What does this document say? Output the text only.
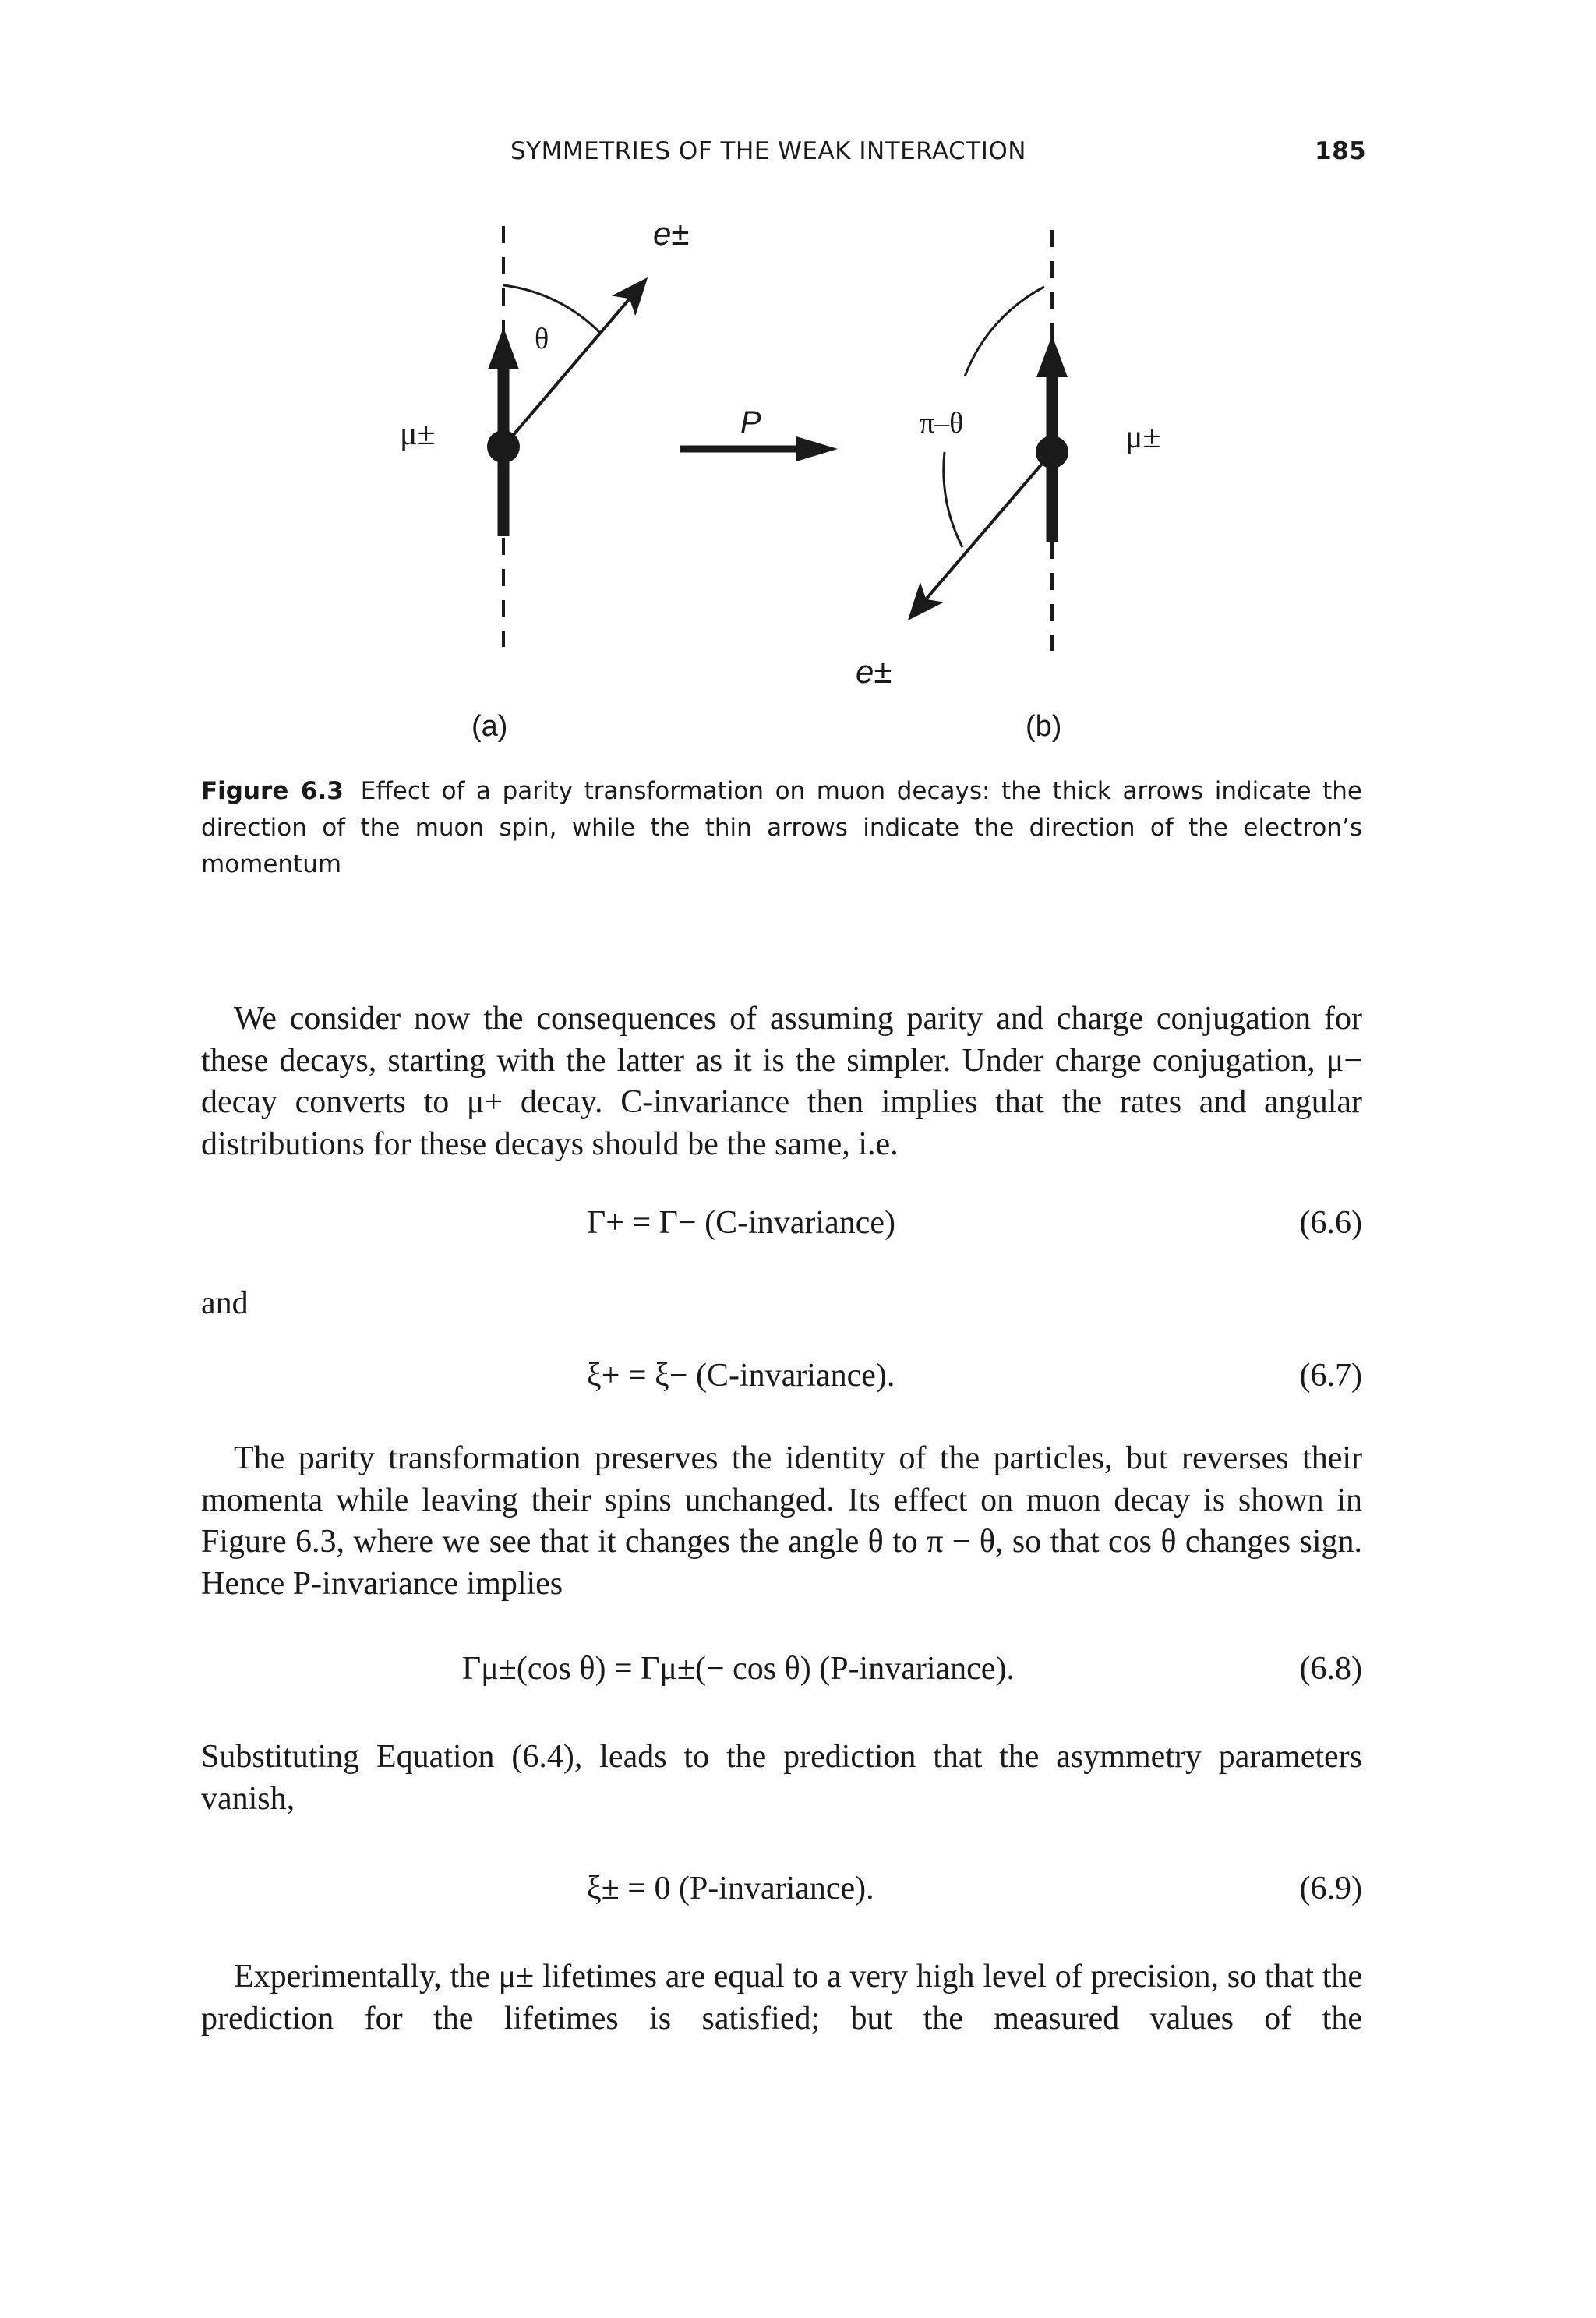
SYMMETRIES OF THE WEAK INTERACTION	185
θ
μ±
e±
(a)
P	π–θ	μ±
e±
(b)
Figure 6.3 Effect of a parity transformation on muon decays: the thick arrows indicate the direction of the muon spin, while the thin arrows indicate the direction of the electron’s momentum
We consider now the consequences of assuming parity and charge conjugation for these decays, starting with the latter as it is the simpler. Under charge conjugation, μ− decay converts to μ+ decay. C-invariance then implies that the rates and angular distributions for these decays should be the same, i.e.
Γ+ = Γ− (C-invariance)	(6.6)
and
ξ+ = ξ− (C-invariance).	(6.7)
The parity transformation preserves the identity of the particles, but reverses their momenta while leaving their spins unchanged. Its effect on muon decay is shown in Figure 6.3, where we see that it changes the angle θ to π − θ, so that cos θ changes sign. Hence P-invariance implies
Γμ±(cos θ) = Γμ±(− cos θ) (P-invariance).	(6.8)
Substituting Equation (6.4), leads to the prediction that the asymmetry parameters vanish,
ξ± = 0 (P-invariance).	(6.9)
Experimentally, the μ± lifetimes are equal to a very high level of precision, so that the prediction for the lifetimes is satisfied; but the measured values of the
